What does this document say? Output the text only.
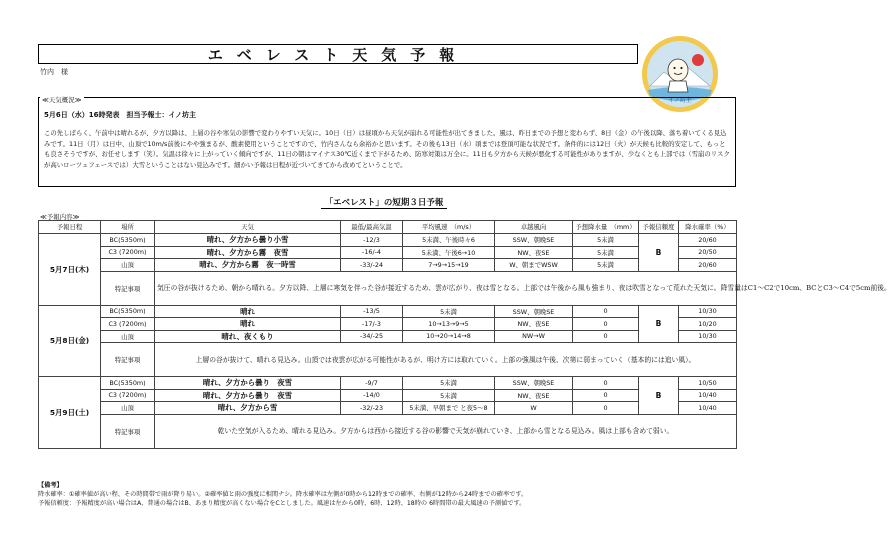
エベレスト天気予報
竹内　様
イノ坊主
≪天気概況≫
5月6日（水）16時発表　担当予報士：イノ坊主
この先しばらく、午前中は晴れるが、夕方以降は、上層の谷や寒気の影響で変わりやすい天気に。10日（日）は昼頃から天気が崩れる可能性が出てきました。風は、昨日までの予想と変わらず、8日（金）の午後以降、落ち着いてくる見込みです。11日（月）は日中、山頂で10m/s前後にやや強まるが、酸素使用ということですので、竹内さんなら余裕かと思います。その後も13日（水）頃までは登頂可能な状況です。条件的には12日（火）が天候も比較的安定して、もっとも良さそうですが、お任せします（笑）。気温は徐々に上がっていく傾向ですが、11日の朝はマイナス30℃近くまで下がるため、防寒対策は万全に。11日も夕方から天候が悪化する可能性がありますが、少なくとも上部では（雪崩のリスクが高いローツェフェースでは）大雪ということはない見込みです。細かい予報は日程が近づいてきてから改めてということで。
「エベレスト」の短期３日予報
≪予報内容≫
予報日程	場所	天気	最低/最高気温	平均風速　（m/s）	卓越風向	予想降水量　（mm）	予報信頼度	降水確率（%）
5月7日(木)	BC(5350m)	晴れ、夕方から曇り小雪	-12/3	5未満、午後時々6	SSW、朝晩SE	5未満	B	20/60
	C3 (7200m)	晴れ、夕方から霧　夜雪	-16/-4	5未満、午後6→10	NW、夜SE	5未満		20/50
	山頂	晴れ、夕方から霧　夜一時雪	-33/-24	7→9→15→19	W、朝までWSW	5未満		20/60
	特記事項	気圧の谷が抜けるため、朝から晴れる。夕方以降、上層に寒気を伴った谷が接近するため、雲が広がり、夜は雪となる。上部では午後から風も強まり、夜は吹雪となって荒れた天気に。降雪量はC1〜C2で10cm、BCとC3〜C4で5cm前後。						
5月8日(金)	BC(5350m)	晴れ	-13/5	5未満	SSW、朝晩SE	0	B	10/30
	C3 (7200m)	晴れ	-17/-3	10→13→9→5	NW、夜SE	0		10/20
	山頂	晴れ、夜くもり	-34/-25	10→20→14→8	NW→W	0		10/30
	特記事項	上層の谷が抜けて、晴れる見込み。山頂では夜雲が広がる可能性があるが、明け方には取れていく。上部の強風は午後、次第に弱まっていく（基本的には追い風）。						
5月9日(土)	BC(5350m)	晴れ、夕方から曇り　夜雪	-9/7	5未満	SSW、朝晩SE	0	B	10/50
	C3 (7200m)	晴れ、夕方から曇り　夜雪	-14/0	5未満	NW、夜SE	0		10/40
	山頂	晴れ、夕方から雪	-32/-23	5未満、早朝まで と夜5〜8	W	0		10/40
	特記事項	乾いた空気が入るため、晴れる見込み。夕方からは西から接近する谷の影響で天気が崩れていき、上部から雪となる見込み。風は上部も含めて弱い。						
【備考】
降水確率：①確率値が高い程、その時間帯で雨が降り易い。②確率値と雨の強度に相関ナシ。降水確率は左側が0時から12時までの確率、右側が12時から24時までの確率です。
予報信頼度：予報精度が高い場合はA、普通の場合はB、あまり精度が高くない場合をCとしました。風速は左から0時、6時、12時、18時の 6時間帯の最大風速の予測値です。
